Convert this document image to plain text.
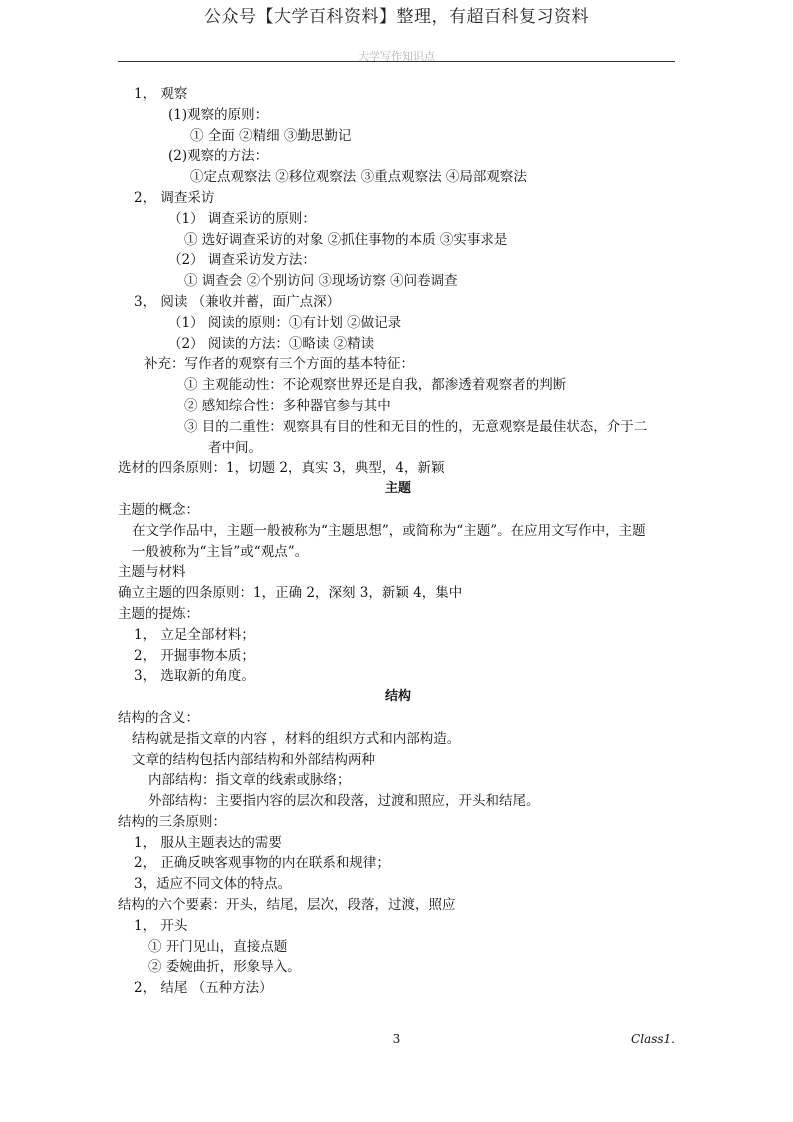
公众号【大学百科资料】整理，有超百科复习资料
大学写作知识点
1， 观察
(1)观察的原则：
① 全面 ②精细 ③勤思勤记
(2)观察的方法：
①定点观察法 ②移位观察法 ③重点观察法 ④局部观察法
2， 调查采访
（1） 调查采访的原则：
① 选好调查采访的对象 ②抓住事物的本质 ③实事求是
（2） 调查采访发方法：
① 调查会 ②个别访问 ③现场访察 ④问卷调查
3， 阅读 （兼收并蓄，面广点深）
（1） 阅读的原则：①有计划 ②做记录
（2） 阅读的方法：①略读 ②精读
补充：写作者的观察有三个方面的基本特征：
① 主观能动性：不论观察世界还是自我，都渗透着观察者的判断
② 感知综合性：多种器官参与其中
③ 目的二重性：观察具有目的性和无目的性的，无意观察是最佳状态，介于二
者中间。
选材的四条原则：1，切题 2，真实 3，典型，4，新颖
主题
主题的概念：
在文学作品中，主题一般被称为“主题思想”，或简称为“主题”。在应用文写作中，主题
一般被称为“主旨”或“观点”。
主题与材料
确立主题的四条原则：1，正确 2，深刻 3，新颖 4，集中
主题的提炼：
1， 立足全部材料；
2， 开掘事物本质；
3， 选取新的角度。
结构
结构的含义：
结构就是指文章的内容 ，材料的组织方式和内部构造。
文章的结构包括内部结构和外部结构两种
内部结构：指文章的线索或脉络；
外部结构：主要指内容的层次和段落，过渡和照应，开头和结尾。
结构的三条原则：
1， 服从主题表达的需要
2， 正确反映客观事物的内在联系和规律；
3，适应不同文体的特点。
结构的六个要素：开头，结尾，层次，段落，过渡，照应
1， 开头
① 开门见山，直接点题
② 委婉曲折，形象导入。
2， 结尾 （五种方法）
3	Class1.
